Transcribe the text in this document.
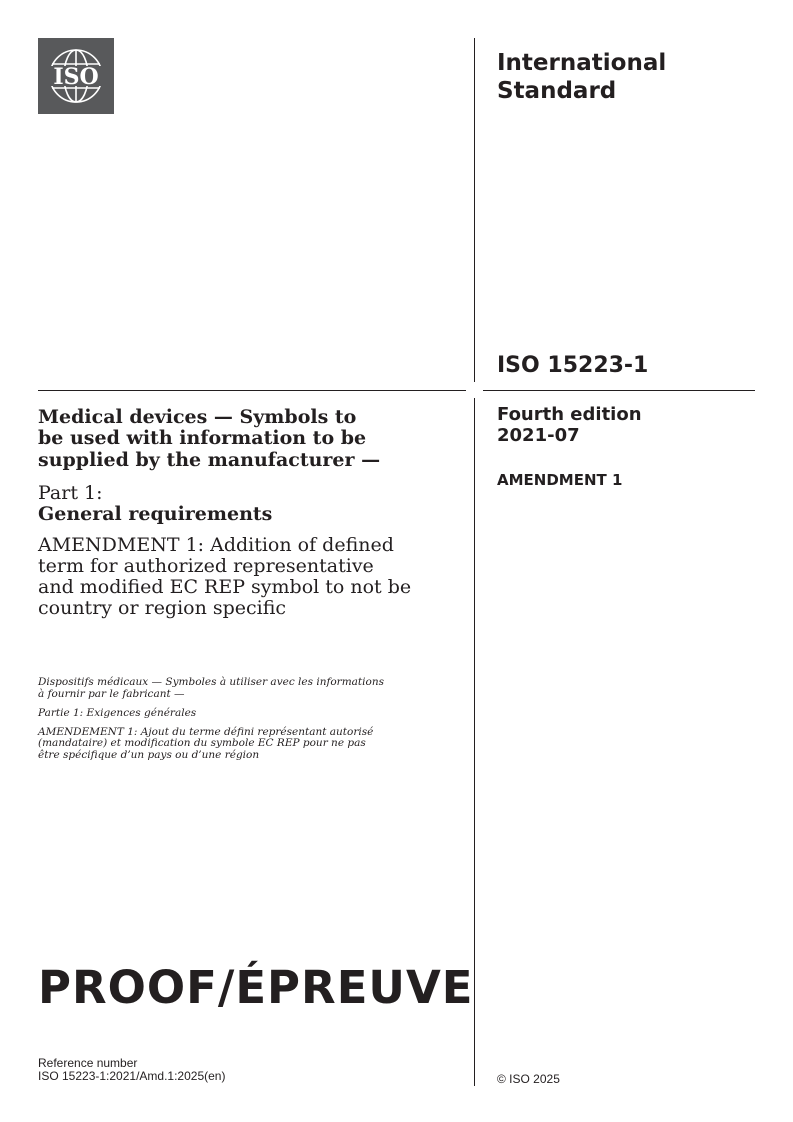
ISO
International
Standard
ISO 15223-1
Fourth edition
2021-07
AMENDMENT 1

Medical devices — Symbols to
be used with information to be
supplied by the manufacturer —

Part 1:

General requirements

AMENDMENT 1: Addition of defined
term for authorized representative
and modified EC REP symbol to not be
country or region specific

Dispositifs médicaux — Symboles à utiliser avec les informations
à fournir par le fabricant —

Partie 1: Exigences générales

AMENDEMENT 1: Ajout du terme défini représentant autorisé
(mandataire) et modification du symbole EC REP pour ne pas
être spécifique d’un pays ou d’une région

PROOF/ÉPREUVE
Reference number
ISO 15223-1:2021/Amd.1:2025(en)	© ISO 2025
